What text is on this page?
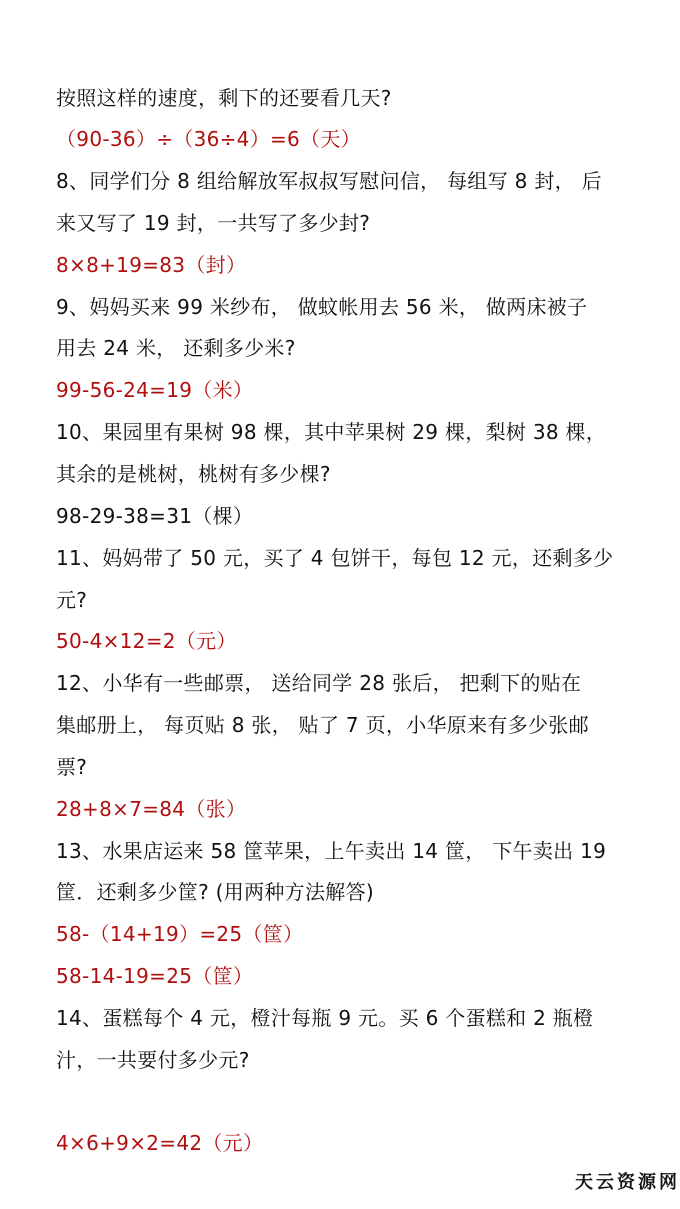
按照这样的速度，剩下的还要看几天?
（90-36）÷（36÷4）=6（天）
8、同学们分 8 组给解放军叔叔写慰问信， 每组写 8 封， 后
来又写了 19 封，一共写了多少封?
8×8+19=83（封）
9、妈妈买来 99 米纱布， 做蚊帐用去 56 米， 做两床被子
用去 24 米， 还剩多少米?
99-56-24=19（米）
10、果园里有果树 98 棵，其中苹果树 29 棵，梨树 38 棵，
其余的是桃树，桃树有多少棵?
98-29-38=31（棵）
11、妈妈带了 50 元，买了 4 包饼干，每包 12 元，还剩多少
元?
50-4×12=2（元）
12、小华有一些邮票， 送给同学 28 张后， 把剩下的贴在
集邮册上， 每页贴 8 张， 贴了 7 页，小华原来有多少张邮
票?
28+8×7=84（张）
13、水果店运来 58 筐苹果，上午卖出 14 筐， 下午卖出 19
筐．还剩多少筐? (用两种方法解答)
58-（14+19）=25（筐）
58-14-19=25（筐）
14、蛋糕每个 4 元，橙汁每瓶 9 元。买 6 个蛋糕和 2 瓶橙
汁，一共要付多少元?
4×6+9×2=42（元）
天云资源网
